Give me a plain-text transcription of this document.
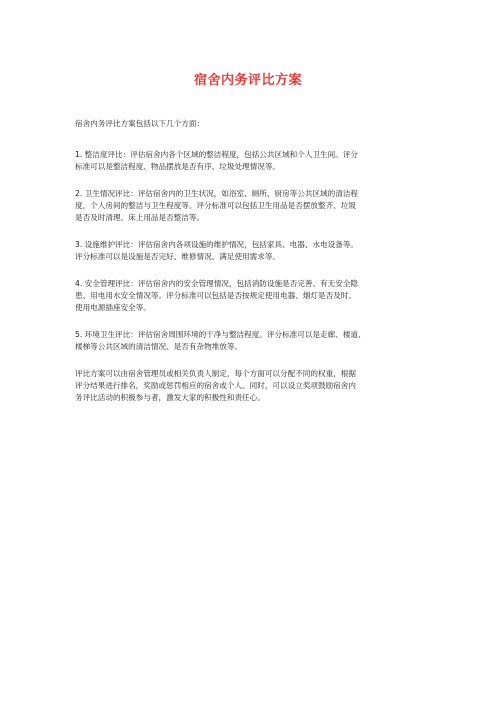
宿舍内务评比方案

宿舍内务评比方案包括以下几个方面：

1. 整洁度评比：评估宿舍内各个区域的整洁程度，包括公共区域和个人卫生间。评分
标准可以是整洁程度、物品摆放是否有序、垃圾处理情况等。

2. 卫生情况评比：评估宿舍内的卫生状况，如浴室、厕所、厨房等公共区域的清洁程
度，个人房间的整洁与卫生程度等。评分标准可以包括卫生用品是否摆放整齐、垃圾
是否及时清理、床上用品是否整洁等。

3. 设施维护评比：评估宿舍内各项设施的维护情况，包括家具、电器、水电设备等。
评分标准可以是设施是否完好、维修情况、满足使用需求等。

4. 安全管理评比：评估宿舍内的安全管理情况，包括消防设施是否完善、有无安全隐
患、用电用水安全情况等。评分标准可以包括是否按规定使用电器、烟灯是否及时、
使用电源插座安全等。

5. 环境卫生评比：评估宿舍周围环境的干净与整洁程度。评分标准可以是走廊、楼道、
楼梯等公共区域的清洁情况、是否有杂物堆放等。

评比方案可以由宿舍管理员或相关负责人制定，每个方面可以分配不同的权重，根据
评分结果进行排名，奖励或惩罚相应的宿舍或个人。同时，可以设立奖项鼓励宿舍内
务评比活动的积极参与者，激发大家的积极性和责任心。
